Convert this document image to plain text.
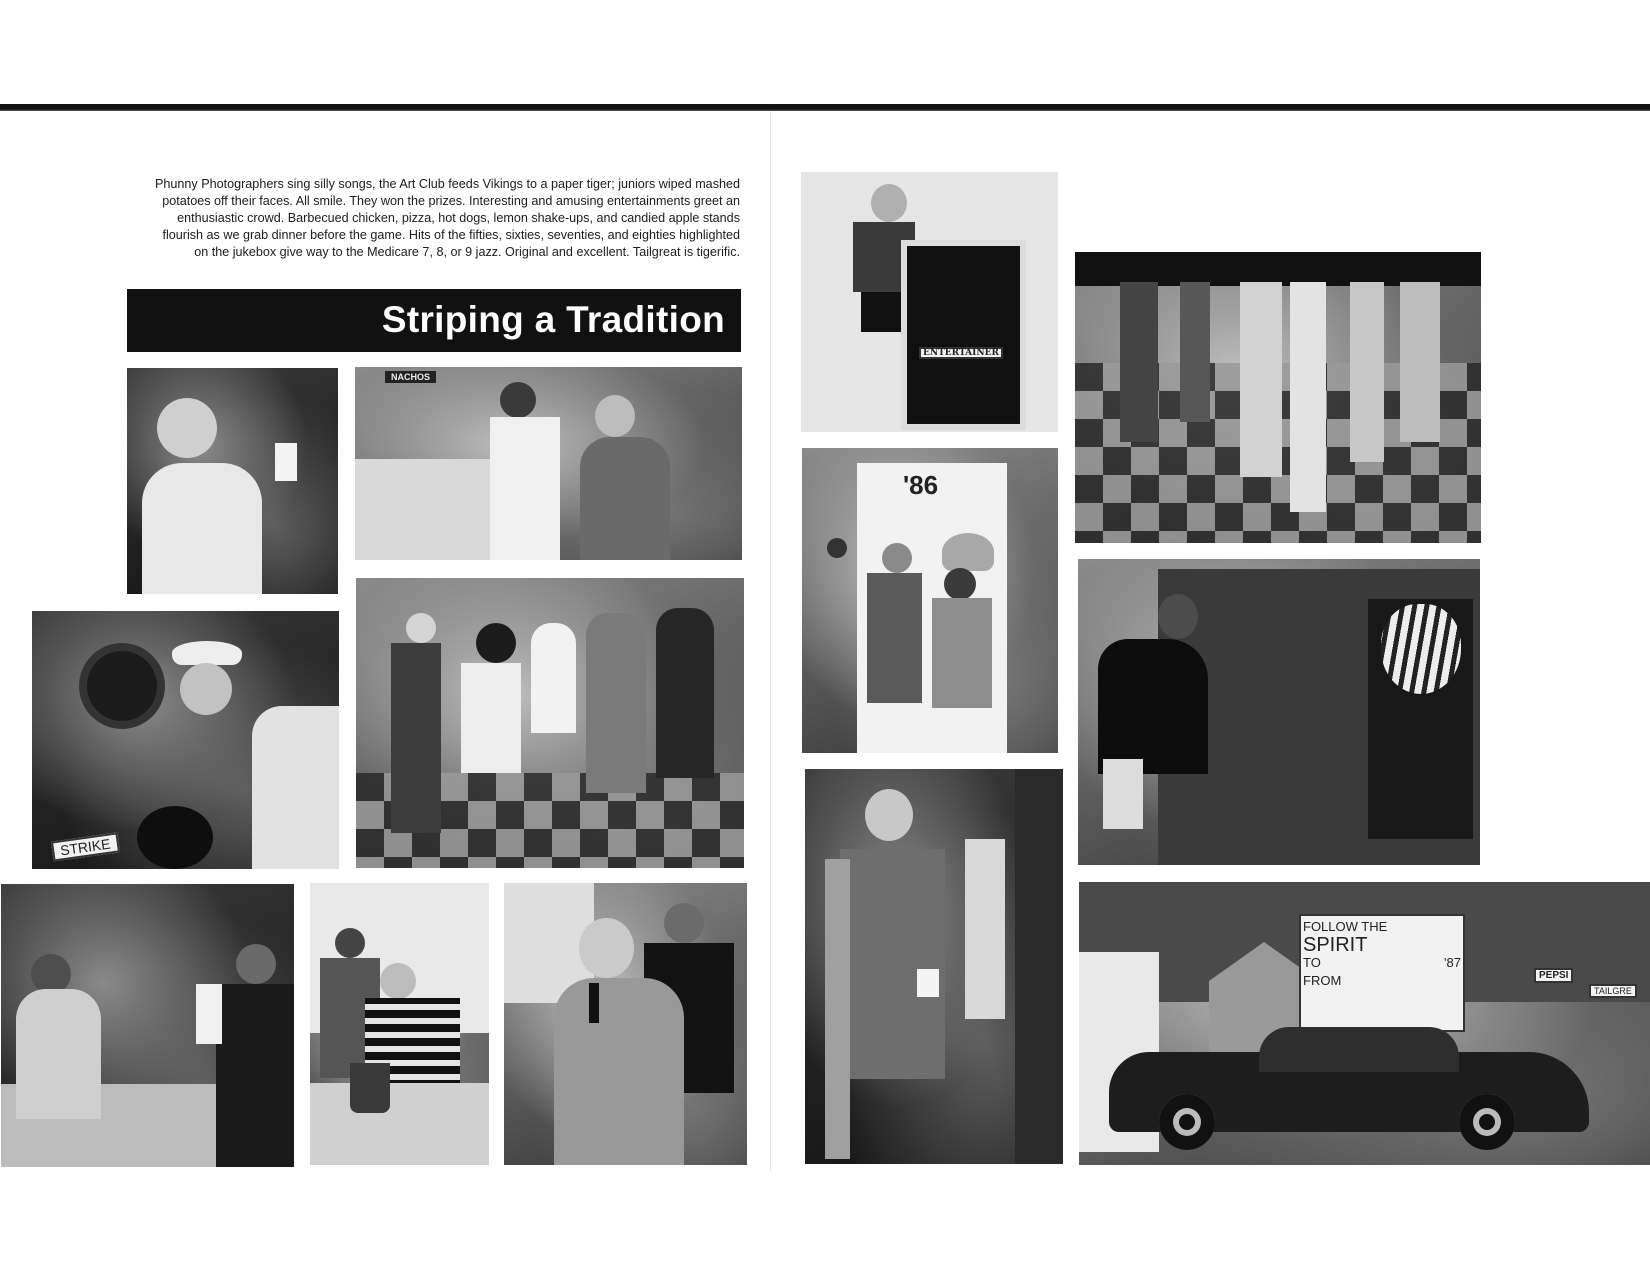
Phunny Photographers sing silly songs, the Art Club feeds Vikings to a paper tiger; juniors wiped mashed potatoes off their faces. All smile. They won the prizes. Interesting and amusing entertainments greet an enthusiastic crowd. Barbecued chicken, pizza, hot dogs, lemon shake-ups, and candied apple stands flourish as we grab dinner before the game. Hits of the fifties, sixties, seventies, and eighties highlighted on the jukebox give way to the Medicare 7, 8, or 9 jazz. Original and excellent. Tailgreat is tigerific.

Striping a Tradition
NACHOS
STRIKE
ENTERTAINER
'86
FOLLOW THE
SPIRIT
TO	'87
FROM	PEPSI
TAILGRE
